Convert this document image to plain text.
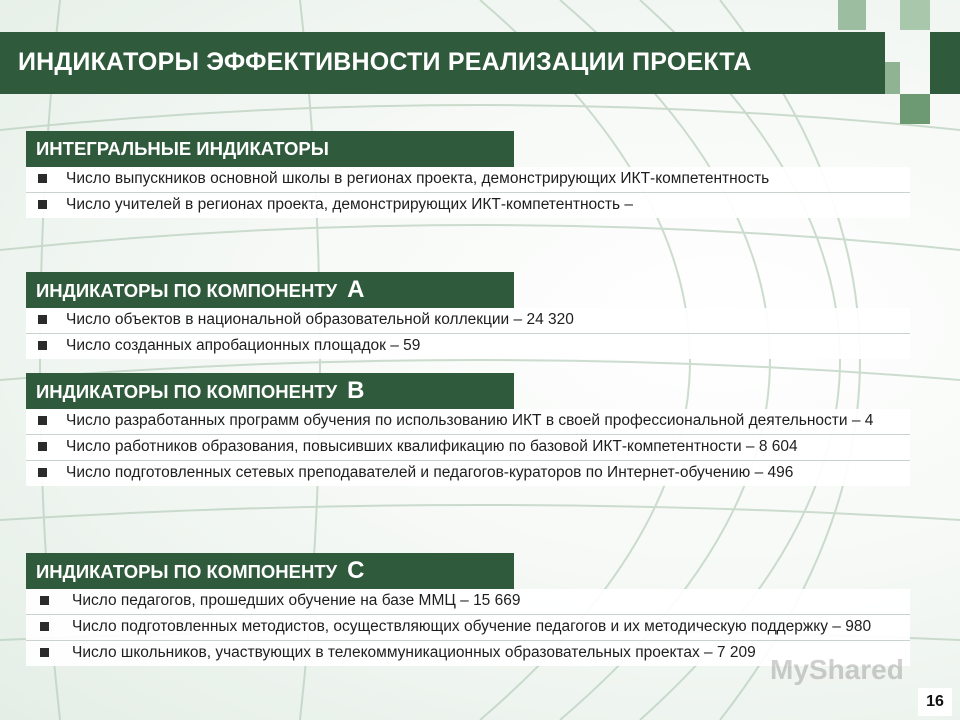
ИНДИКАТОРЫ ЭФФЕКТИВНОСТИ РЕАЛИЗАЦИИ ПРОЕКТА
ИНТЕГРАЛЬНЫЕ ИНДИКАТОРЫ
Число выпускников основной школы в регионах проекта, демонстрирующих ИКТ-компетентность
Число учителей в регионах проекта, демонстрирующих ИКТ-компетентность –
ИНДИКАТОРЫ ПО КОМПОНЕНТУ А
Число объектов в национальной образовательной коллекции – 24 320
Число созданных апробационных площадок – 59
ИНДИКАТОРЫ ПО КОМПОНЕНТУ В
Число разработанных программ обучения по использованию ИКТ в своей профессиональной деятельности – 4
Число работников образования, повысивших квалификацию по базовой ИКТ-компетентности – 8 604
Число подготовленных сетевых преподавателей и педагогов-кураторов по Интернет-обучению – 496
ИНДИКАТОРЫ ПО КОМПОНЕНТУ С
Число педагогов, прошедших обучение на базе ММЦ – 15 669
Число подготовленных методистов, осуществляющих обучение педагогов и их методическую поддержку – 980
Число школьников, участвующих в телекоммуникационных образовательных проектах – 7 209
MyShared
16
